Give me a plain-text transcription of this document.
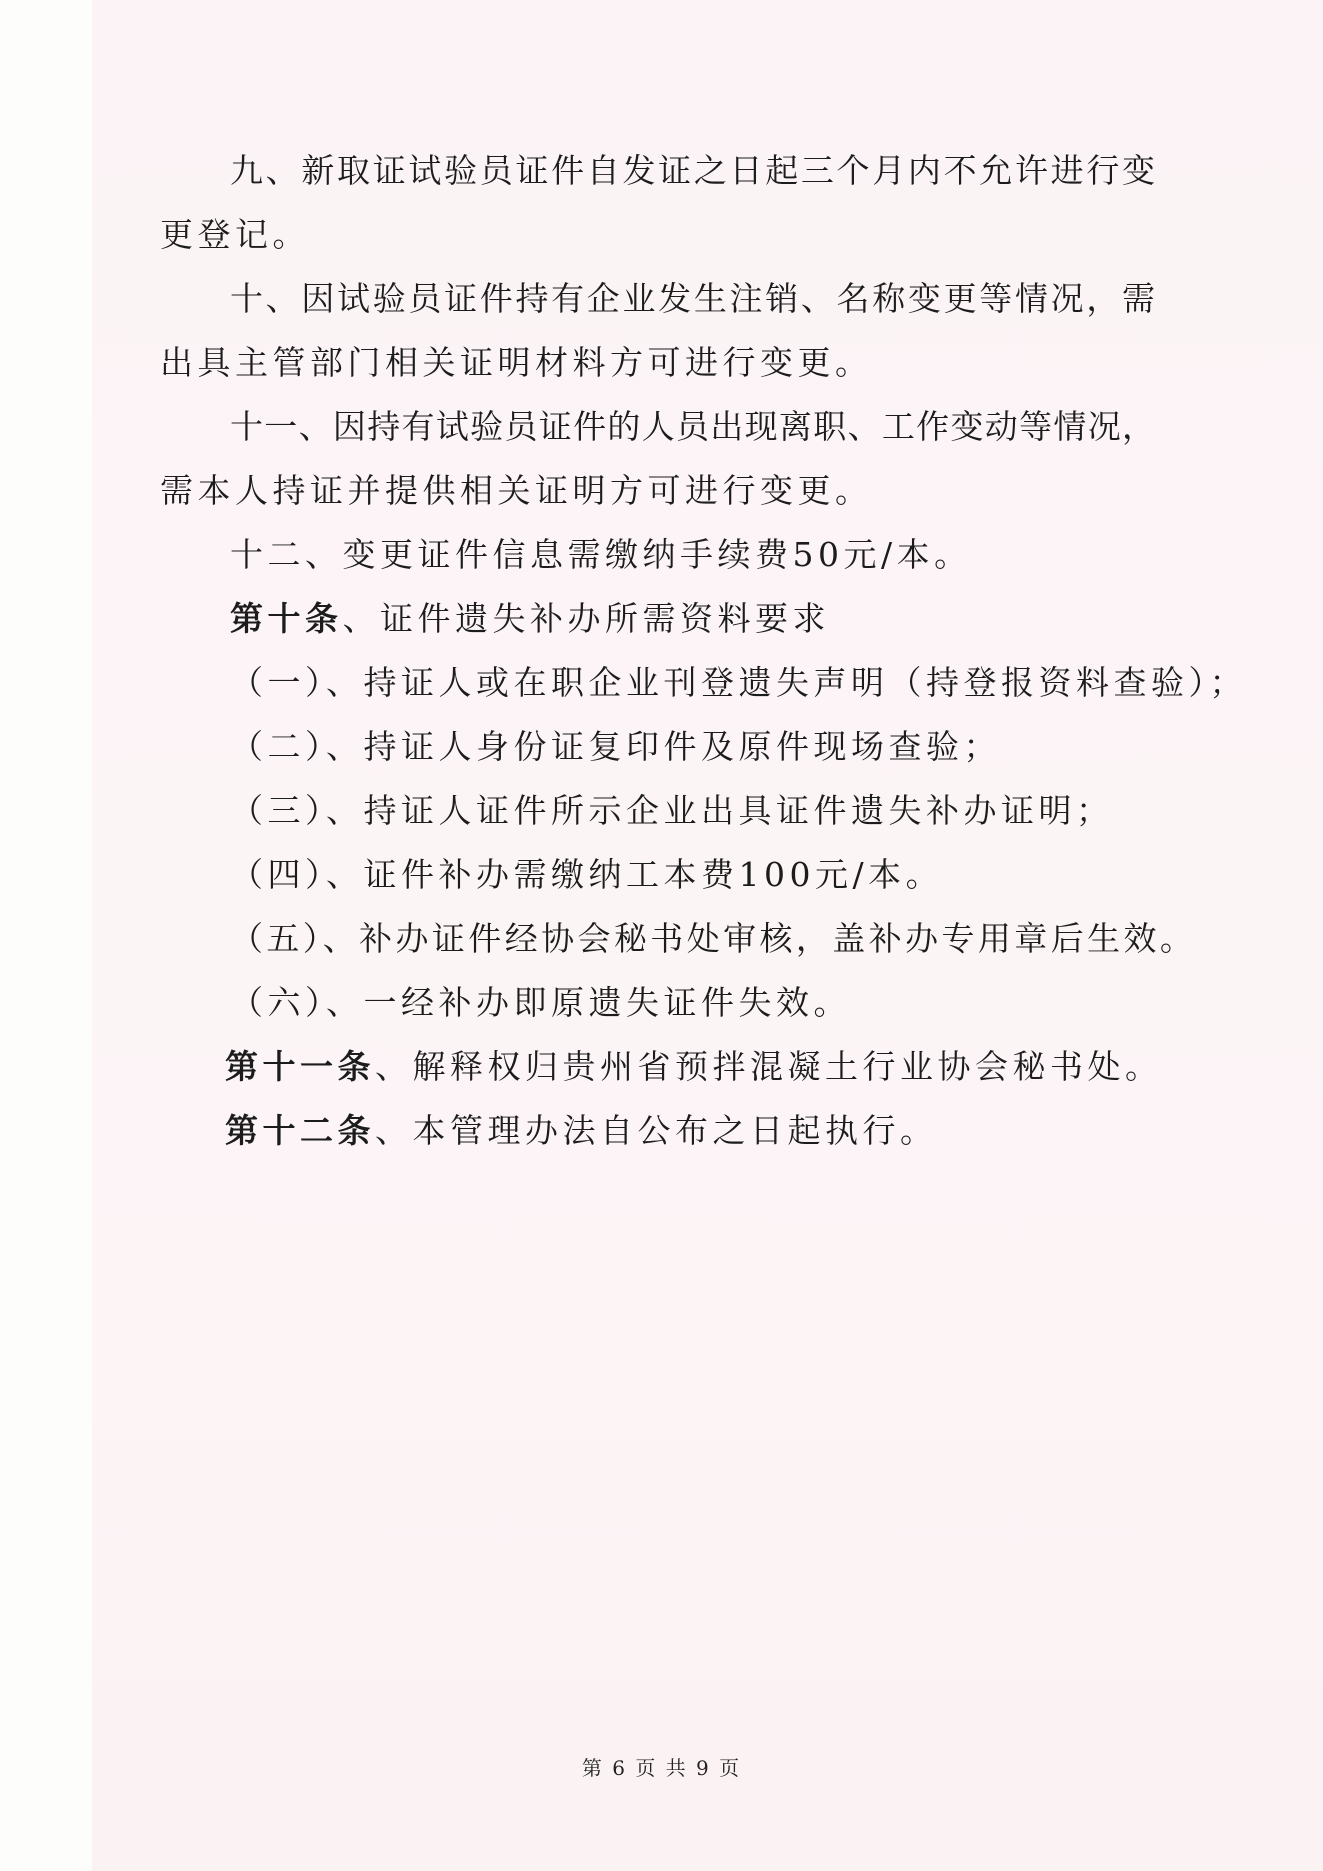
九、新取证试验员证件自发证之日起三个月内不允许进行变
更登记。
十、因试验员证件持有企业发生注销、名称变更等情况，需
出具主管部门相关证明材料方可进行变更。
十一、因持有试验员证件的人员出现离职、工作变动等情况，
需本人持证并提供相关证明方可进行变更。
十二、变更证件信息需缴纳手续费50元/本。
第十条、证件遗失补办所需资料要求
（一）、持证人或在职企业刊登遗失声明（持登报资料查验）；
（二）、持证人身份证复印件及原件现场查验；
（三）、持证人证件所示企业出具证件遗失补办证明；
（四）、证件补办需缴纳工本费100元/本。
（五）、补办证件经协会秘书处审核，盖补办专用章后生效。
（六）、一经补办即原遗失证件失效。
第十一条、解释权归贵州省预拌混凝土行业协会秘书处。
第十二条、本管理办法自公布之日起执行。
第 6 页 共 9 页
